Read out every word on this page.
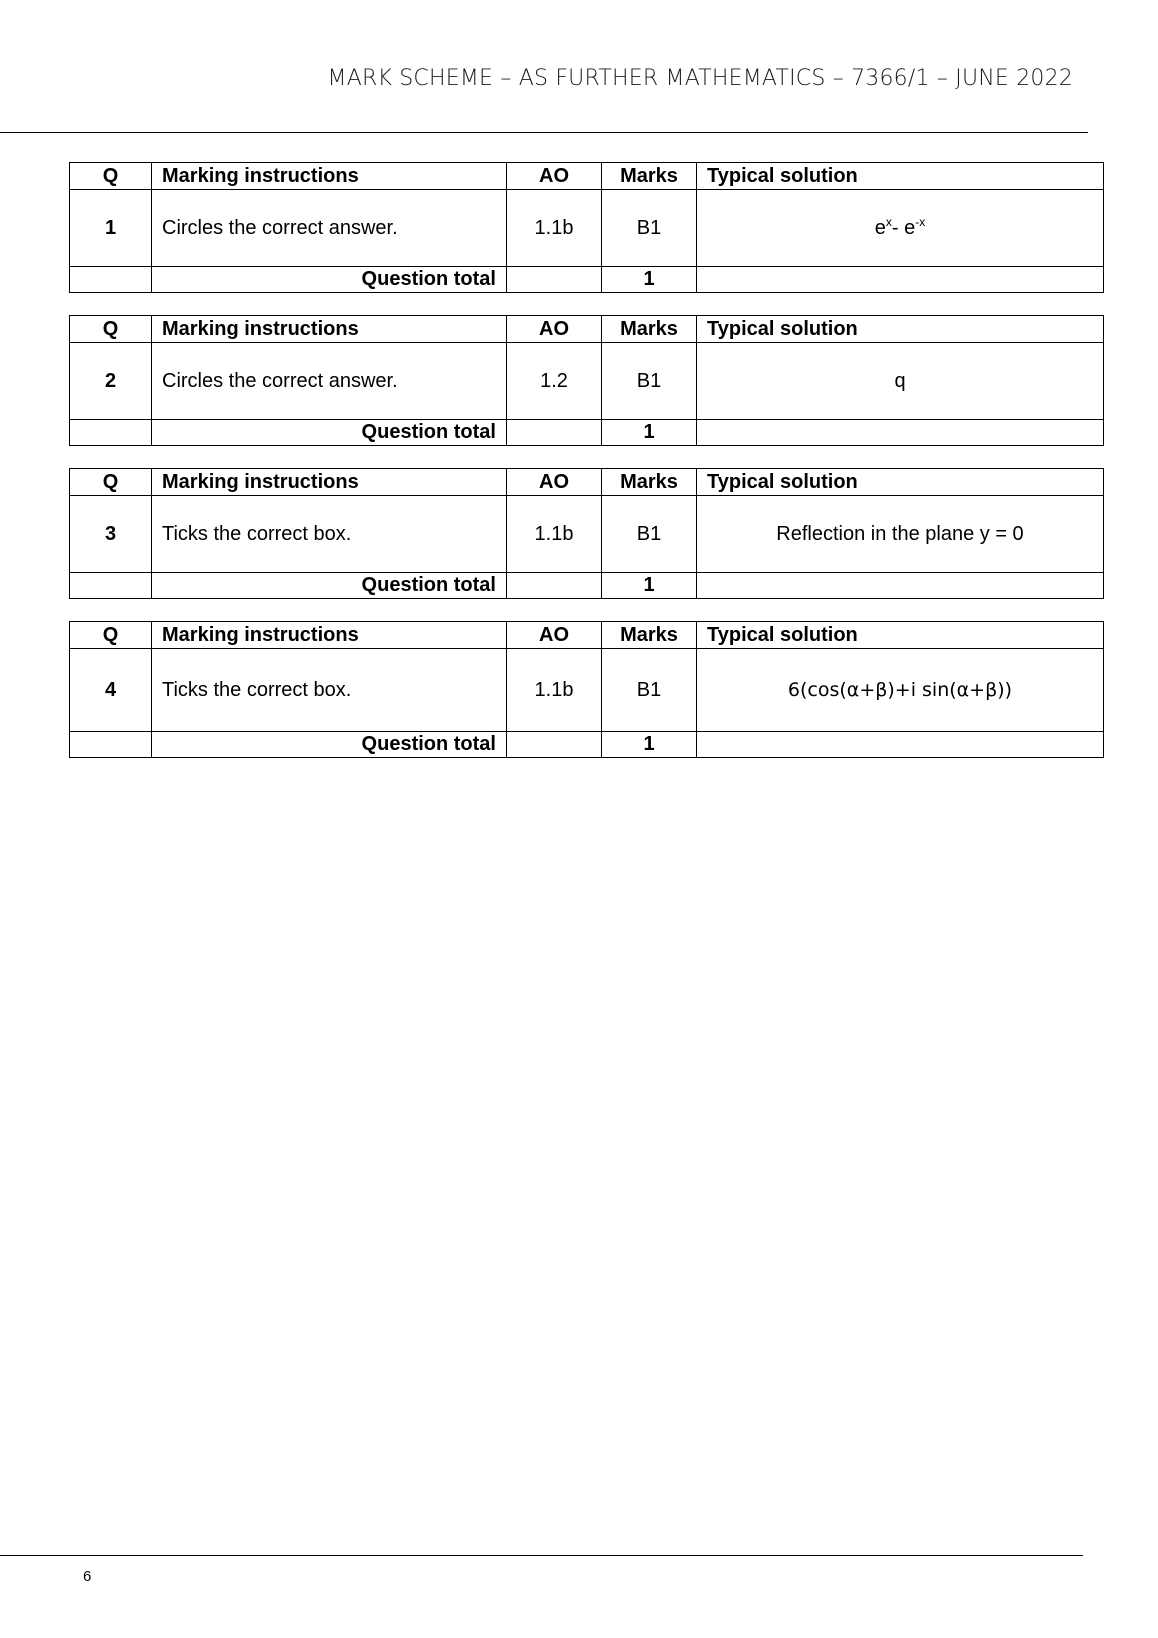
MARK SCHEME – AS FURTHER MATHEMATICS – 7366/1 – JUNE 2022
Q	Marking instructions	AO	Marks	Typical solution
1	Circles the correct answer.	1.1b	B1	$e^x-$ $e^{-x}$
	Question total		1	
Q	Marking instructions	AO	Marks	Typical solution
2	Circles the correct answer.	1.2	B1	q
	Question total		1	
Q	Marking instructions	AO	Marks	Typical solution
3	Ticks the correct box.	1.1b	B1	Reflection in the plane y = 0
	Question total		1	
Q	Marking instructions	AO	Marks	Typical solution
4	Ticks the correct box.	1.1b	B1	6(cos(α+β)+i sin(α+β))
	Question total		1	
6
